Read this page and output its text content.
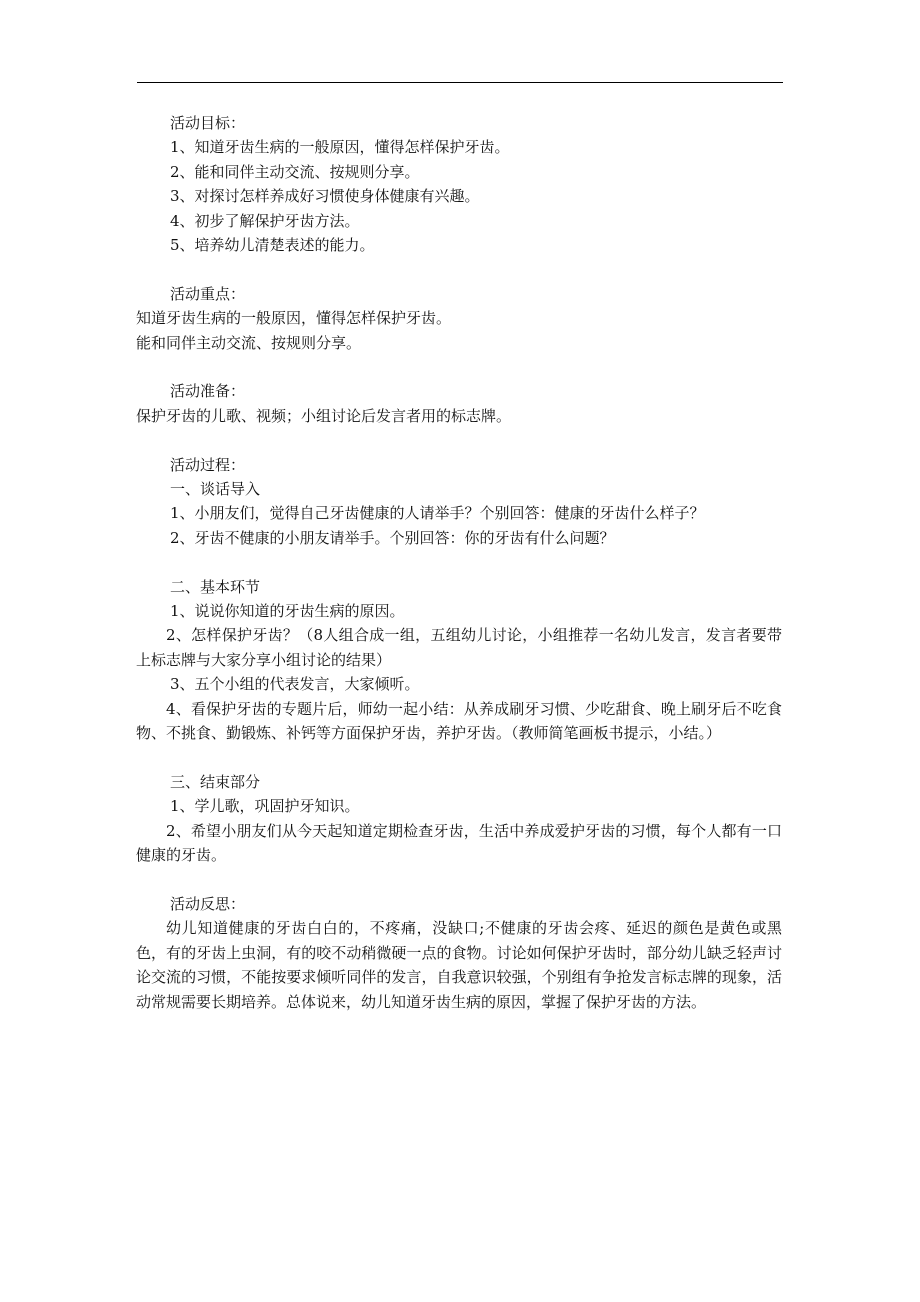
活动目标：

1、知道牙齿生病的一般原因，懂得怎样保护牙齿。

2、能和同伴主动交流、按规则分享。

3、对探讨怎样养成好习惯使身体健康有兴趣。

4、初步了解保护牙齿方法。

5、培养幼儿清楚表述的能力。

活动重点：

知道牙齿生病的一般原因，懂得怎样保护牙齿。

能和同伴主动交流、按规则分享。

活动准备：

保护牙齿的儿歌、视频；小组讨论后发言者用的标志牌。

活动过程：

一、谈话导入

1、小朋友们，觉得自己牙齿健康的人请举手？个别回答：健康的牙齿什么样子？

2、牙齿不健康的小朋友请举手。个别回答：你的牙齿有什么问题？

二、基本环节

1、说说你知道的牙齿生病的原因。

2、怎样保护牙齿？（8人组合成一组，五组幼儿讨论，小组推荐一名幼儿发言，发言者要带上标志牌与大家分享小组讨论的结果）

3、五个小组的代表发言，大家倾听。

4、看保护牙齿的专题片后，师幼一起小结：从养成刷牙习惯、少吃甜食、晚上刷牙后不吃食物、不挑食、勤锻炼、补钙等方面保护牙齿，养护牙齿。（教师简笔画板书提示，小结。）

三、结束部分

1、学儿歌，巩固护牙知识。

2、希望小朋友们从今天起知道定期检查牙齿，生活中养成爱护牙齿的习惯，每个人都有一口健康的牙齿。

活动反思：

幼儿知道健康的牙齿白白的，不疼痛，没缺口;不健康的牙齿会疼、延迟的颜色是黄色或黑色，有的牙齿上虫洞，有的咬不动稍微硬一点的食物。讨论如何保护牙齿时，部分幼儿缺乏轻声讨论交流的习惯，不能按要求倾听同伴的发言，自我意识较强，个别组有争抢发言标志牌的现象，活动常规需要长期培养。总体说来，幼儿知道牙齿生病的原因，掌握了保护牙齿的方法。
